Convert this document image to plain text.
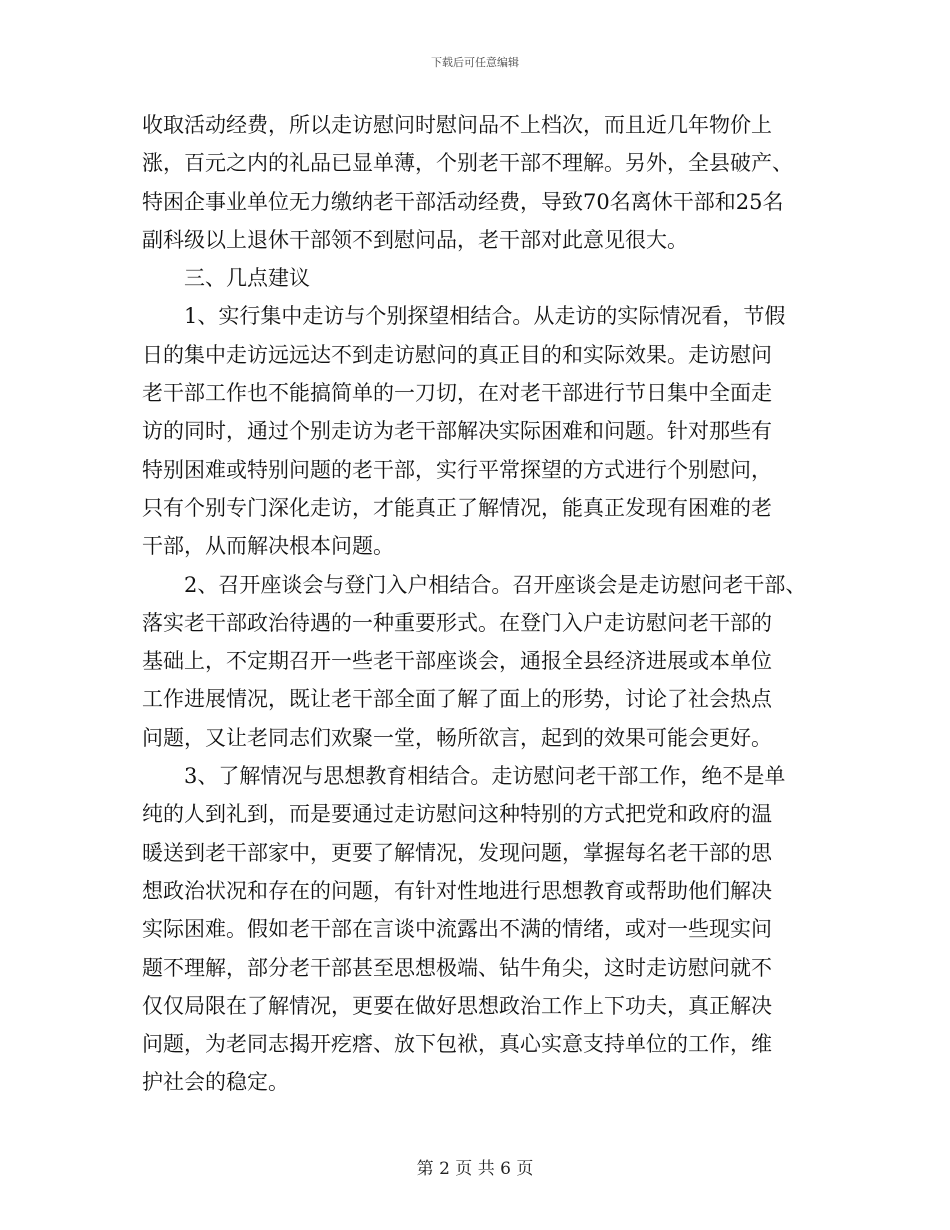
下载后可任意编辑
收取活动经费，所以走访慰问时慰问品不上档次，而且近几年物价上
涨，百元之内的礼品已显单薄，个别老干部不理解。另外，全县破产、
特困企事业单位无力缴纳老干部活动经费，导致70名离休干部和25名
副科级以上退休干部领不到慰问品，老干部对此意见很大。
三、几点建议
1、实行集中走访与个别探望相结合。从走访的实际情况看，节假
日的集中走访远远达不到走访慰问的真正目的和实际效果。走访慰问
老干部工作也不能搞简单的一刀切，在对老干部进行节日集中全面走
访的同时，通过个别走访为老干部解决实际困难和问题。针对那些有
特别困难或特别问题的老干部，实行平常探望的方式进行个别慰问，
只有个别专门深化走访，才能真正了解情况，能真正发现有困难的老
干部，从而解决根本问题。
2、召开座谈会与登门入户相结合。召开座谈会是走访慰问老干部、
落实老干部政治待遇的一种重要形式。在登门入户走访慰问老干部的
基础上，不定期召开一些老干部座谈会，通报全县经济进展或本单位
工作进展情况，既让老干部全面了解了面上的形势，讨论了社会热点
问题，又让老同志们欢聚一堂，畅所欲言，起到的效果可能会更好。
3、了解情况与思想教育相结合。走访慰问老干部工作，绝不是单
纯的人到礼到，而是要通过走访慰问这种特别的方式把党和政府的温
暖送到老干部家中，更要了解情况，发现问题，掌握每名老干部的思
想政治状况和存在的问题，有针对性地进行思想教育或帮助他们解决
实际困难。假如老干部在言谈中流露出不满的情绪，或对一些现实问
题不理解，部分老干部甚至思想极端、钻牛角尖，这时走访慰问就不
仅仅局限在了解情况，更要在做好思想政治工作上下功夫，真正解决
问题，为老同志揭开疙瘩、放下包袱，真心实意支持单位的工作，维
护社会的稳定。
第 2 页 共 6 页
